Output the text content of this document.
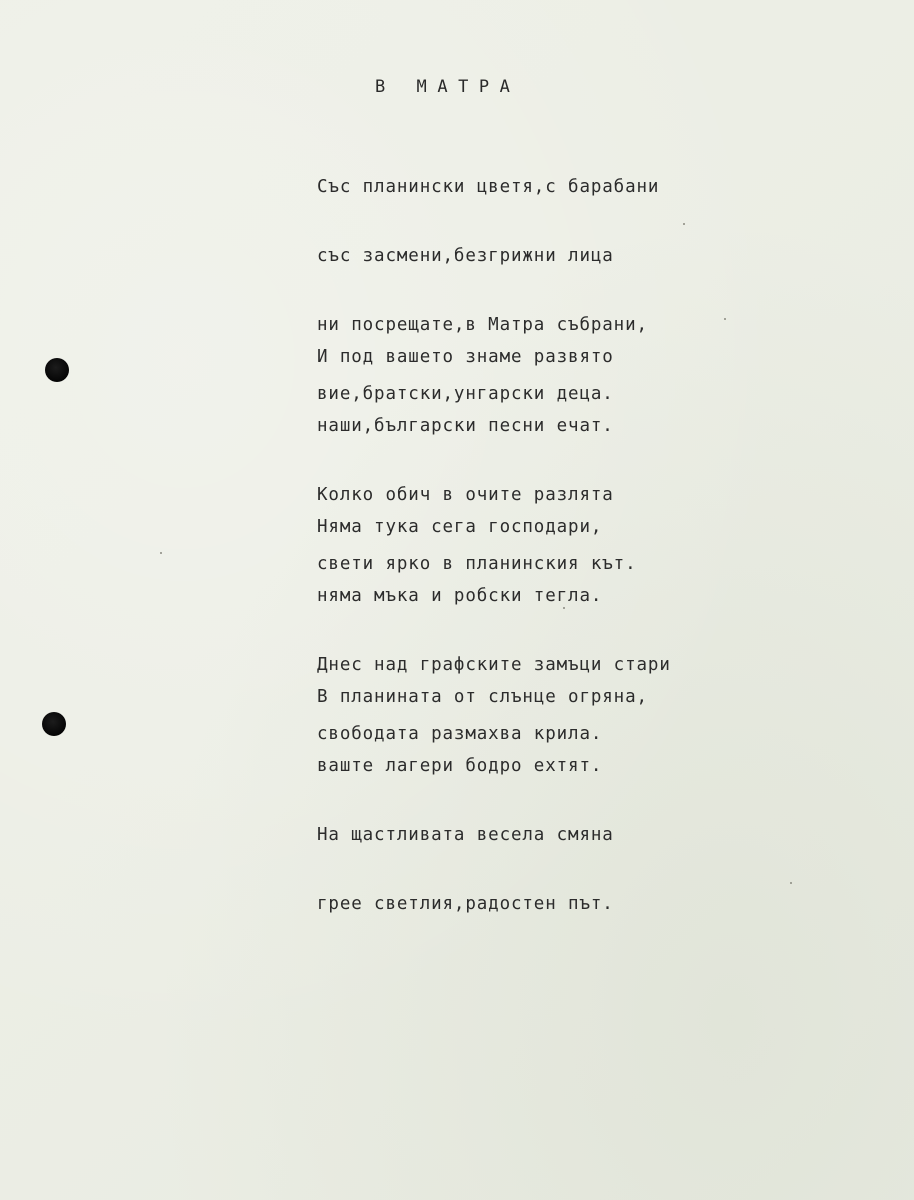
В МАТРА

Със планински цветя,с барабани

със засмени,безгрижни лица

ни посрещате,в Матра събрани,

вие,братски,унгарски деца.

И под вашето знаме развято

наши,български песни ечат.

Колко обич в очите разлята

свети ярко в планинския кът.

Няма тука сега господари,

няма мъка и робски тегла.

Днес над графските замъци стари

свободата размахва крила.

В планината от слънце огряна,

ваште лагери бодро ехтят.

На щастливата весела смяна

грее светлия,радостен път.
